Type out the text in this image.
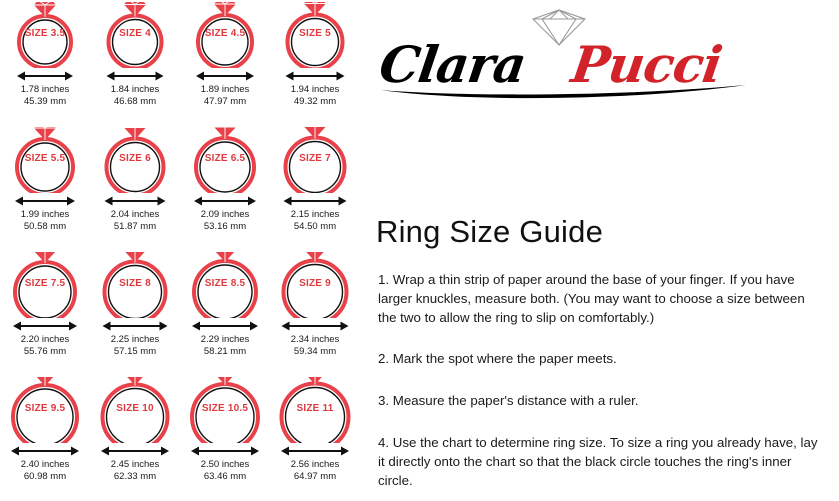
SIZE 3.5
1.78 inches
45.39 mm
SIZE 4
1.84 inches
46.68 mm
SIZE 4.5
1.89 inches
47.97 mm
SIZE 5
1.94 inches
49.32 mm
SIZE 5.5
1.99 inches
50.58 mm
SIZE 6
2.04 inches
51.87 mm
SIZE 6.5
2.09 inches
53.16 mm
SIZE 7
2.15 inches
54.50 mm
SIZE 7.5
2.20 inches
55.76 mm
SIZE 8
2.25 inches
57.15 mm
SIZE 8.5
2.29 inches
58.21 mm
SIZE 9
2.34 inches
59.34 mm
SIZE 9.5
2.40 inches
60.98 mm
SIZE 10
2.45 inches
62.33 mm
SIZE 10.5
2.50 inches
63.46 mm
SIZE 11
2.56 inches
64.97 mm
Clara Pucci
Ring Size Guide

1. Wrap a thin strip of paper around the base of your finger. If you have larger knuckles, measure both. (You may want to choose a size between the two to allow the ring to slip on comfortably.)

2. Mark the spot where the paper meets.

3. Measure the paper's distance with a ruler.

4. Use the chart to determine ring size. To size a ring you already have, lay it directly onto the chart so that the black circle touches the ring's inner circle.
